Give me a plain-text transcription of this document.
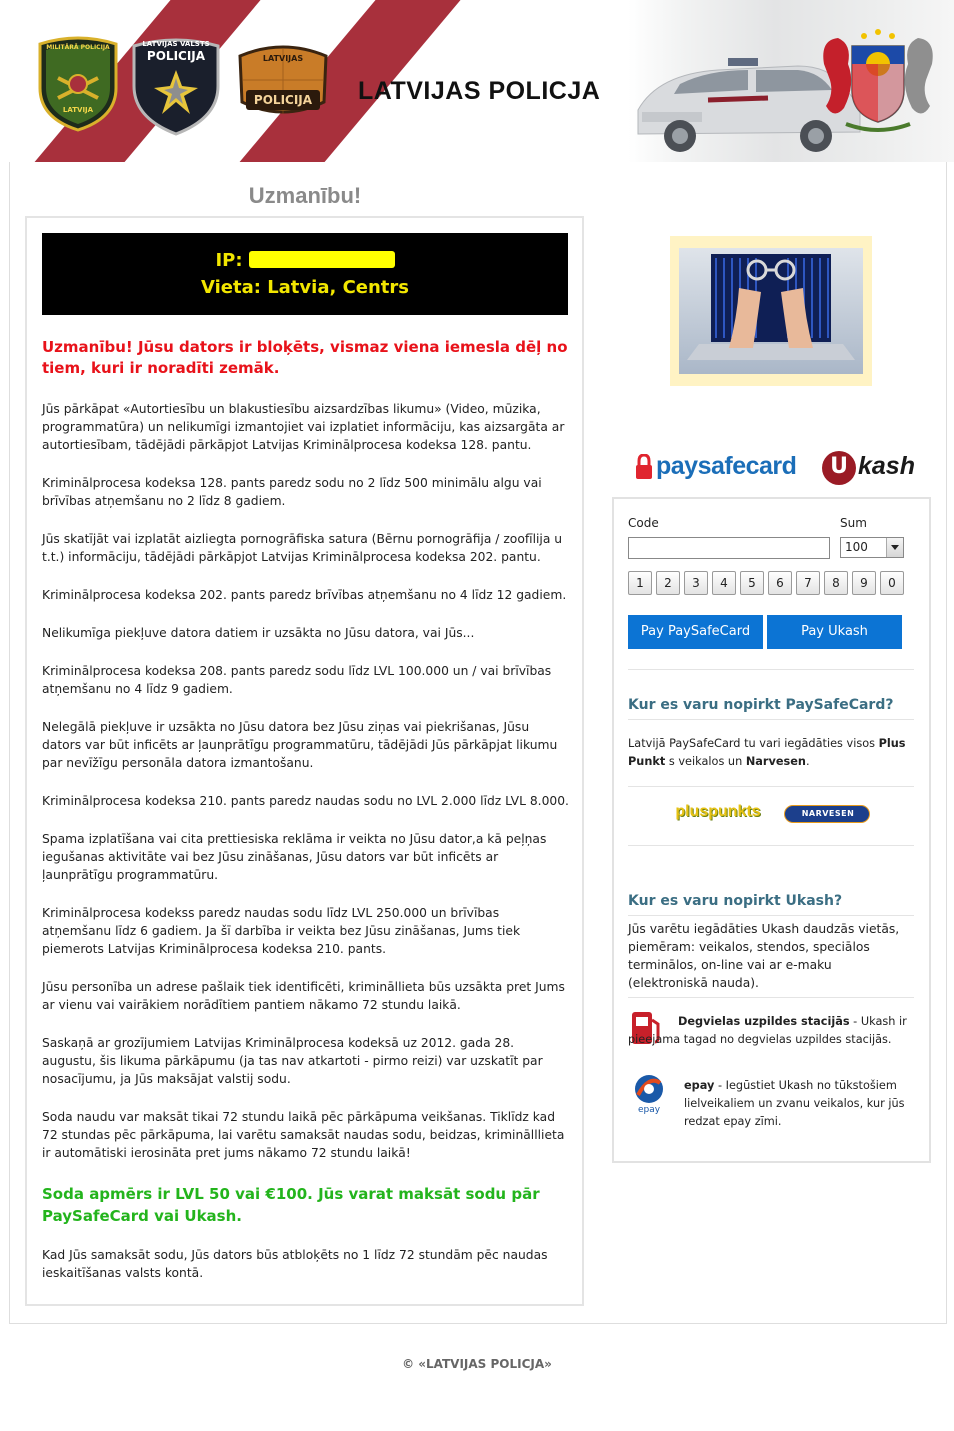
MILITĀRĀ POLICIJA
LATVIJA
LATVIJAS VALSTS
POLICIJA	LATVIJAS
POLICIJA	LATVIJAS POLICJA
Uzmanību!
IP:
Vieta: Latvia, Centrs
Uzmanību! Jūsu dators ir bloķēts, vismaz viena iemesla dēļ no tiem, kuri ir noradīti zemāk.
Jūs pārkāpat «Autortiesību un blakustiesību aizsardzības likumu» (Video, mūzika, programmatūra) un nelikumīgi izmantojiet vai izplatiet informāciju, kas aizsargāta ar autortiesībam, tādējādi pārkāpjot Latvijas Kriminālprocesa kodeksa 128. pantu.
Kriminālprocesa kodeksa 128. pants paredz sodu no 2 līdz 500 minimālu algu vai brīvības atņemšanu no 2 līdz 8 gadiem.
Jūs skatījāt vai izplatāt aizliegta pornogrāfiska satura (Bērnu pornogrāfija / zoofīlija u t.t.) informāciju, tādējādi pārkāpjot Latvijas Kriminālprocesa kodeksa 202. pantu.
Kriminālprocesa kodeksa 202. pants paredz brīvības atņemšanu no 4 līdz 12 gadiem.
Nelikumīga piekļuve datora datiem ir uzsākta no Jūsu datora, vai Jūs...
Kriminālprocesa kodeksa 208. pants paredz sodu līdz LVL 100.000 un / vai brīvības atņemšanu no 4 līdz 9 gadiem.
Nelegālā piekļuve ir uzsākta no Jūsu datora bez Jūsu ziņas vai piekrišanas, Jūsu dators var būt inficēts ar ļaunprātīgu programmatūru, tādējādi Jūs pārkāpjat likumu par nevīžīgu personāla datora izmantošanu.
Kriminālprocesa kodeksa 210. pants paredz naudas sodu no LVL 2.000 līdz LVL 8.000.
Spama izplatīšana vai cita prettiesiska reklāma ir veikta no Jūsu dator,a kā peļņas iegušanas aktivitāte vai bez Jūsu zināšanas, Jūsu dators var būt inficēts ar ļaunprātīgu programmatūru.
Kriminālprocesa kodekss paredz naudas sodu līdz LVL 250.000 un brīvības atņemšanu līdz 6 gadiem. Ja šī darbība ir veikta bez Jūsu zināšanas, Jums tiek piemerots Latvijas Kriminālprocesa kodeksa 210. pants.
Jūsu personība un adrese pašlaik tiek identificēti, krimināllieta būs uzsākta pret Jums ar vienu vai vairākiem norādītiem pantiem nākamo 72 stundu laikā.
Saskaņā ar grozījumiem Latvijas Kriminālprocesa kodeksā uz 2012. gada 28. augustu, šis likuma pārkāpumu (ja tas nav atkartoti - pirmo reizi) var uzskatīt par nosacījumu, ja Jūs maksājat valstij sodu.
Soda naudu var maksāt tikai 72 stundu laikā pēc pārkāpuma veikšanas. Tiklīdz kad 72 stundas pēc pārkāpuma, lai varētu samaksāt naudas sodu, beidzas, kriminālllieta ir automātiski ierosināta pret jums nākamo 72 stundu laikā!
Soda apmērs ir LVL 50 vai €100. Jūs varat maksāt sodu pār PaySafeCard vai Ukash.
Kad Jūs samaksāt sodu, Jūs dators būs atbloķēts no 1 līdz 72 stundām pēc naudas ieskaitīšanas valsts kontā.
paysafecard	U kash
Code	Sum
100
1	2	3	4	5	6	7	8	9	0
Pay PaySafeCard	Pay Ukash
Kur es varu nopirkt PaySafeCard?
Latvijā PaySafeCard tu vari iegādāties visos Plus Punkt s veikalos un Narvesen.
pluspunkts	NARVESEN
Kur es varu nopirkt Ukash?
Jūs varētu iegādāties Ukash daudzās vietās, piemēram: veikalos, stendos, speciālos terminālos, on-line vai ar e-maku (elektroniskā nauda).
Degvielas uzpildes stacijās - Ukash ir pieejama tagad no degvielas uzpildes stacijās.
epay
epay - Iegūstiet Ukash no tūkstošiem lielveikaliem un zvanu veikalos, kur jūs redzat epay zīmi.
© «LATVIJAS POLICJA»
